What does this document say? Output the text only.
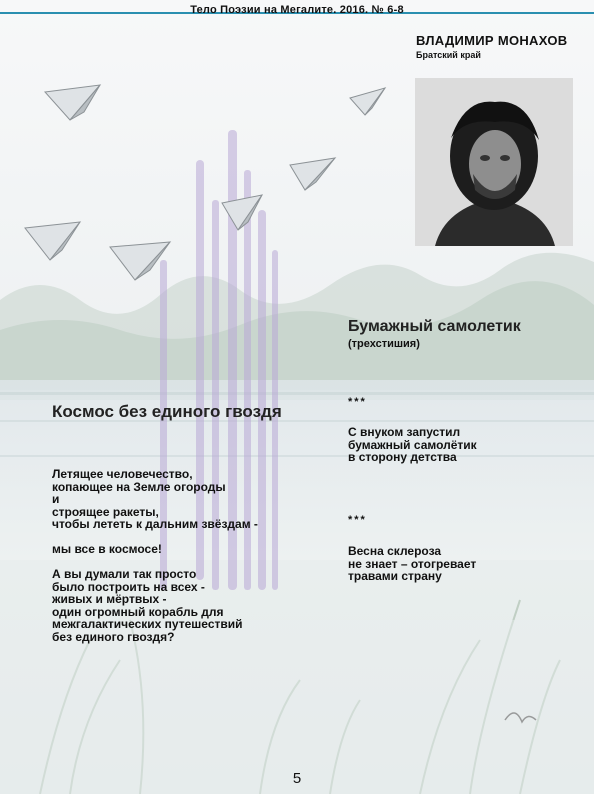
Тело Поэзии на Мегалите. 2016. № 6-8
ВЛАДИМИР МОНАХОВ
Братский край
Бумажный самолетик
(трехстишия)
***
С внуком запустил
бумажный самолётик
в сторону детства
***
Весна склероза
не знает – отогревает
травами страну
Космос без единого гвоздя
Летящее человечество,
копающее на Земле огороды
и
строящее ракеты,
чтобы лететь к дальним звёздам -

мы все в космосе!

А вы думали так просто
было построить на всех -
живых и мёртвых -
один огромный корабль для
межгалактических путешествий
без единого гвоздя?
5
